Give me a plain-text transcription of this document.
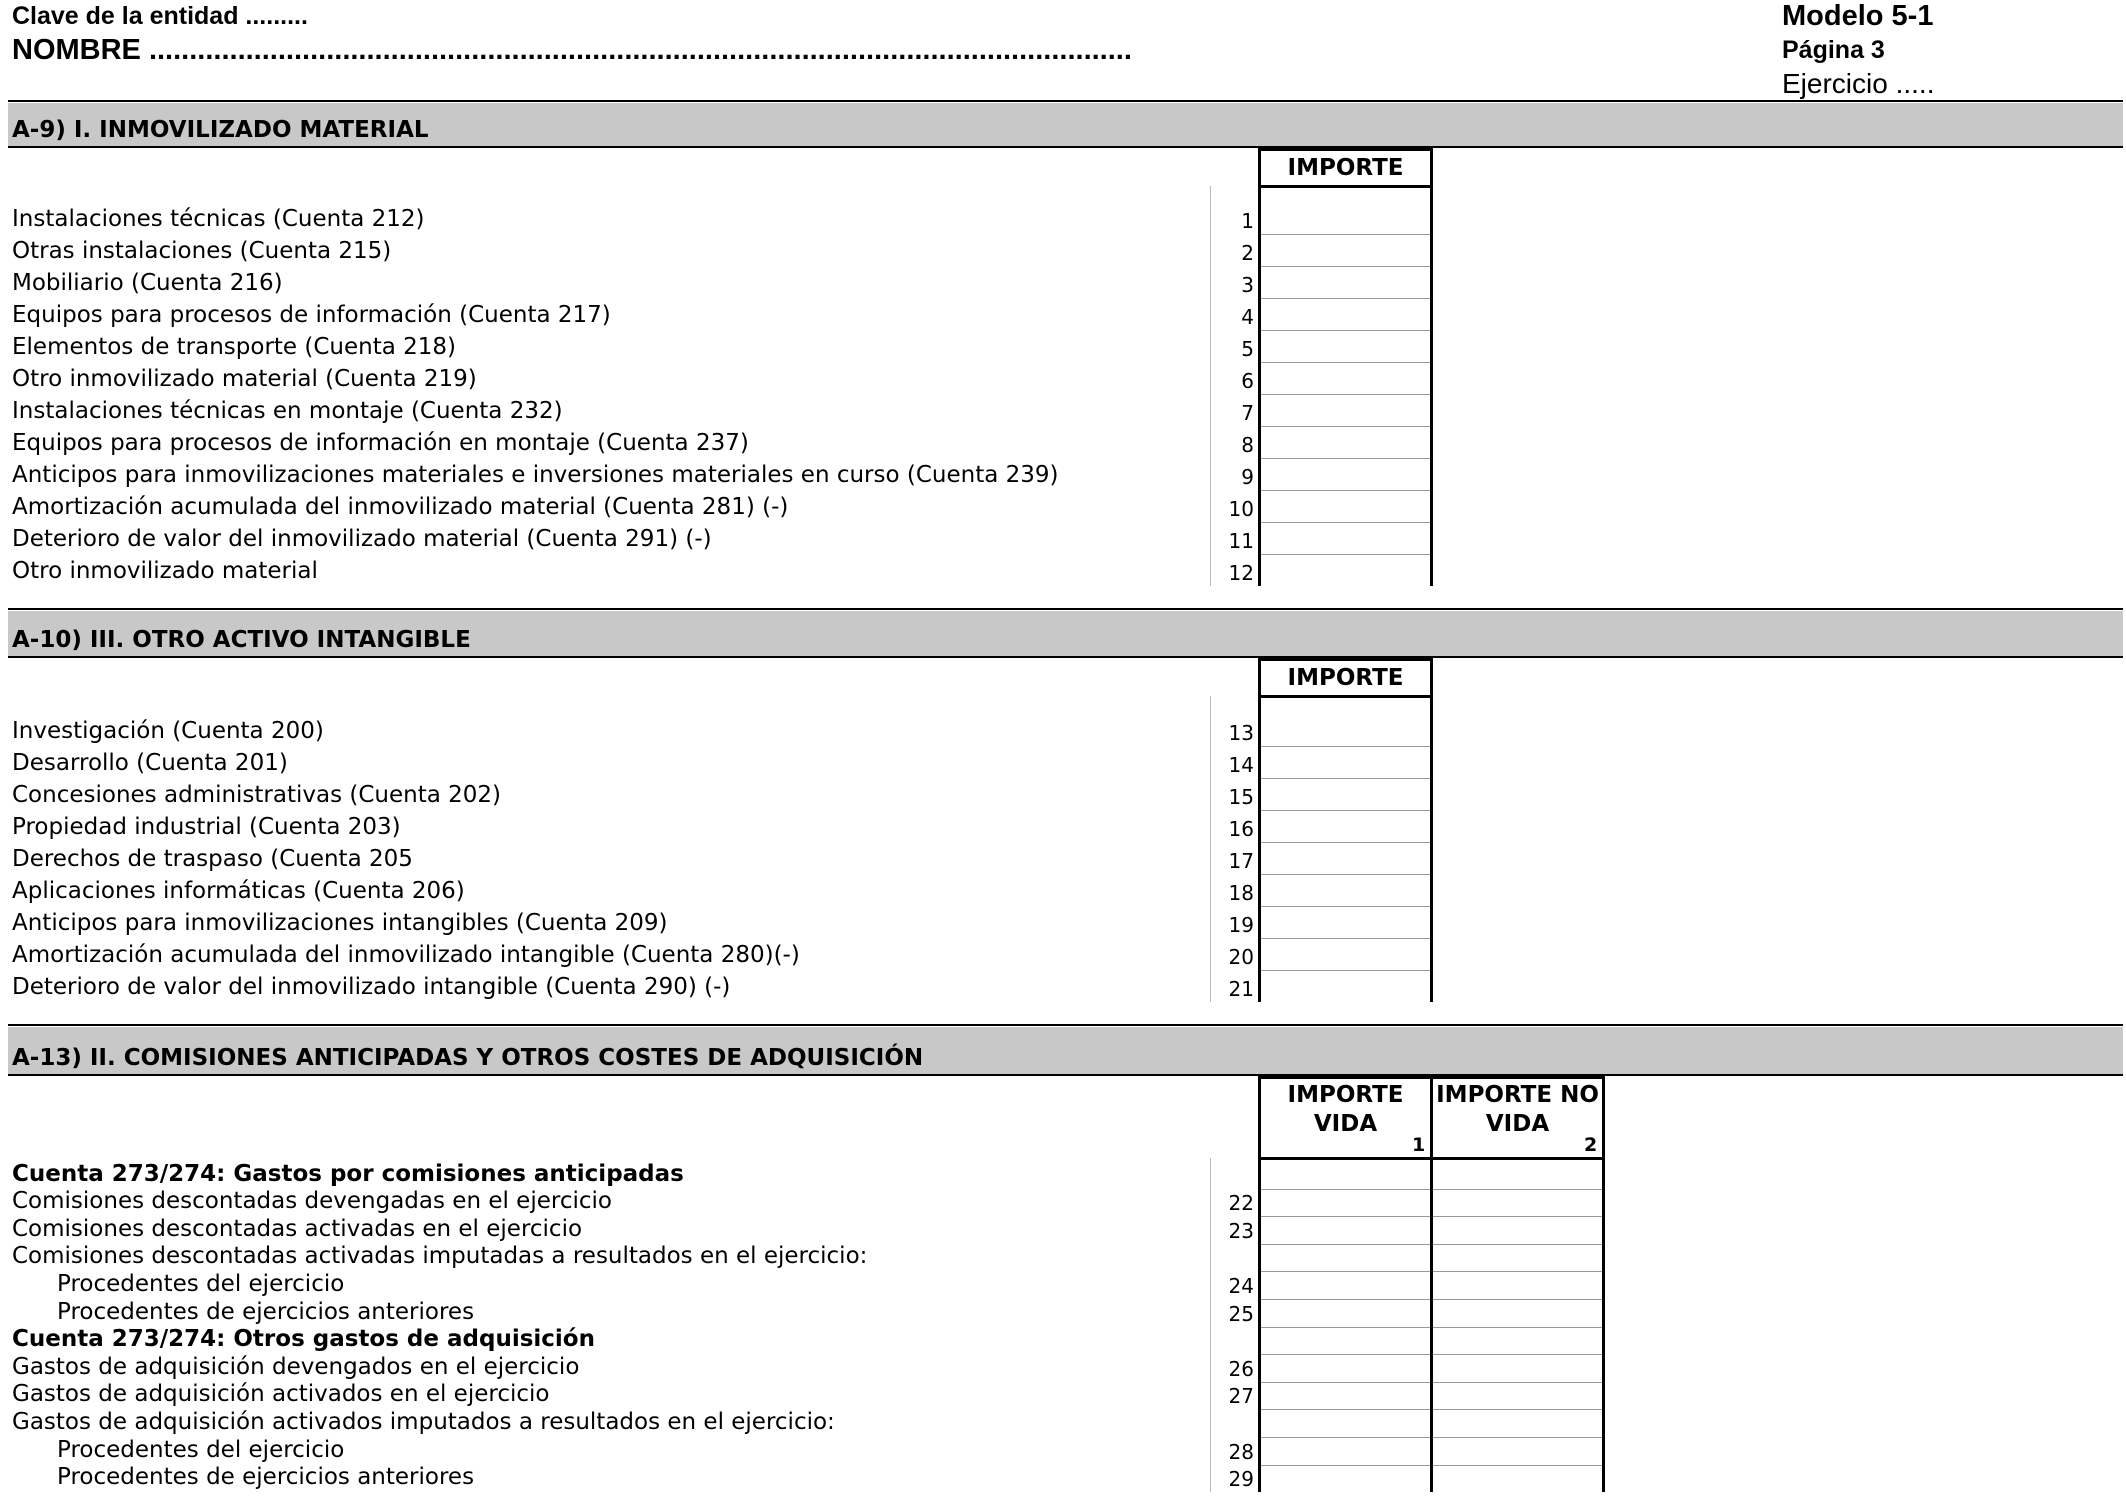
Clave de la entidad .........
NOMBRE ..........................................................................................................................
Modelo 5-1
Página 3
Ejercicio .....
A-9) I. INMOVILIZADO MATERIAL
IMPORTE
Instalaciones técnicas (Cuenta 212)	1
Otras instalaciones (Cuenta 215)	2
Mobiliario (Cuenta 216)	3
Equipos para procesos de información (Cuenta 217)	4
Elementos de transporte (Cuenta 218)	5
Otro inmovilizado material (Cuenta 219)	6
Instalaciones técnicas en montaje (Cuenta 232)	7
Equipos para procesos de información en montaje (Cuenta 237)	8
Anticipos para inmovilizaciones materiales e inversiones materiales en curso (Cuenta 239)	9
Amortización acumulada del inmovilizado material (Cuenta 281) (-)	10
Deterioro de valor del inmovilizado material (Cuenta 291) (-)	11
Otro inmovilizado material	12
A-10) III. OTRO ACTIVO INTANGIBLE
IMPORTE
Investigación (Cuenta 200)	13
Desarrollo (Cuenta 201)	14
Concesiones administrativas (Cuenta 202)	15
Propiedad industrial (Cuenta 203)	16
Derechos de traspaso (Cuenta 205	17
Aplicaciones informáticas (Cuenta 206)	18
Anticipos para inmovilizaciones intangibles (Cuenta 209)	19
Amortización acumulada del inmovilizado intangible (Cuenta 280)(-)	20
Deterioro de valor del inmovilizado intangible (Cuenta 290) (-)	21
A-13) II. COMISIONES ANTICIPADAS Y OTROS COSTES DE ADQUISICIÓN
IMPORTE
VIDA
1
IMPORTE NO
VIDA
2
Cuenta 273/274: Gastos por comisiones anticipadas
Comisiones descontadas devengadas en el ejercicio	22
Comisiones descontadas activadas en el ejercicio	23
Comisiones descontadas activadas imputadas a resultados en el ejercicio:
Procedentes del ejercicio	24
Procedentes de ejercicios anteriores	25
Cuenta 273/274: Otros gastos de adquisición
Gastos de adquisición devengados en el ejercicio	26
Gastos de adquisición activados en el ejercicio	27
Gastos de adquisición activados imputados a resultados en el ejercicio:
Procedentes del ejercicio	28
Procedentes de ejercicios anteriores	29
